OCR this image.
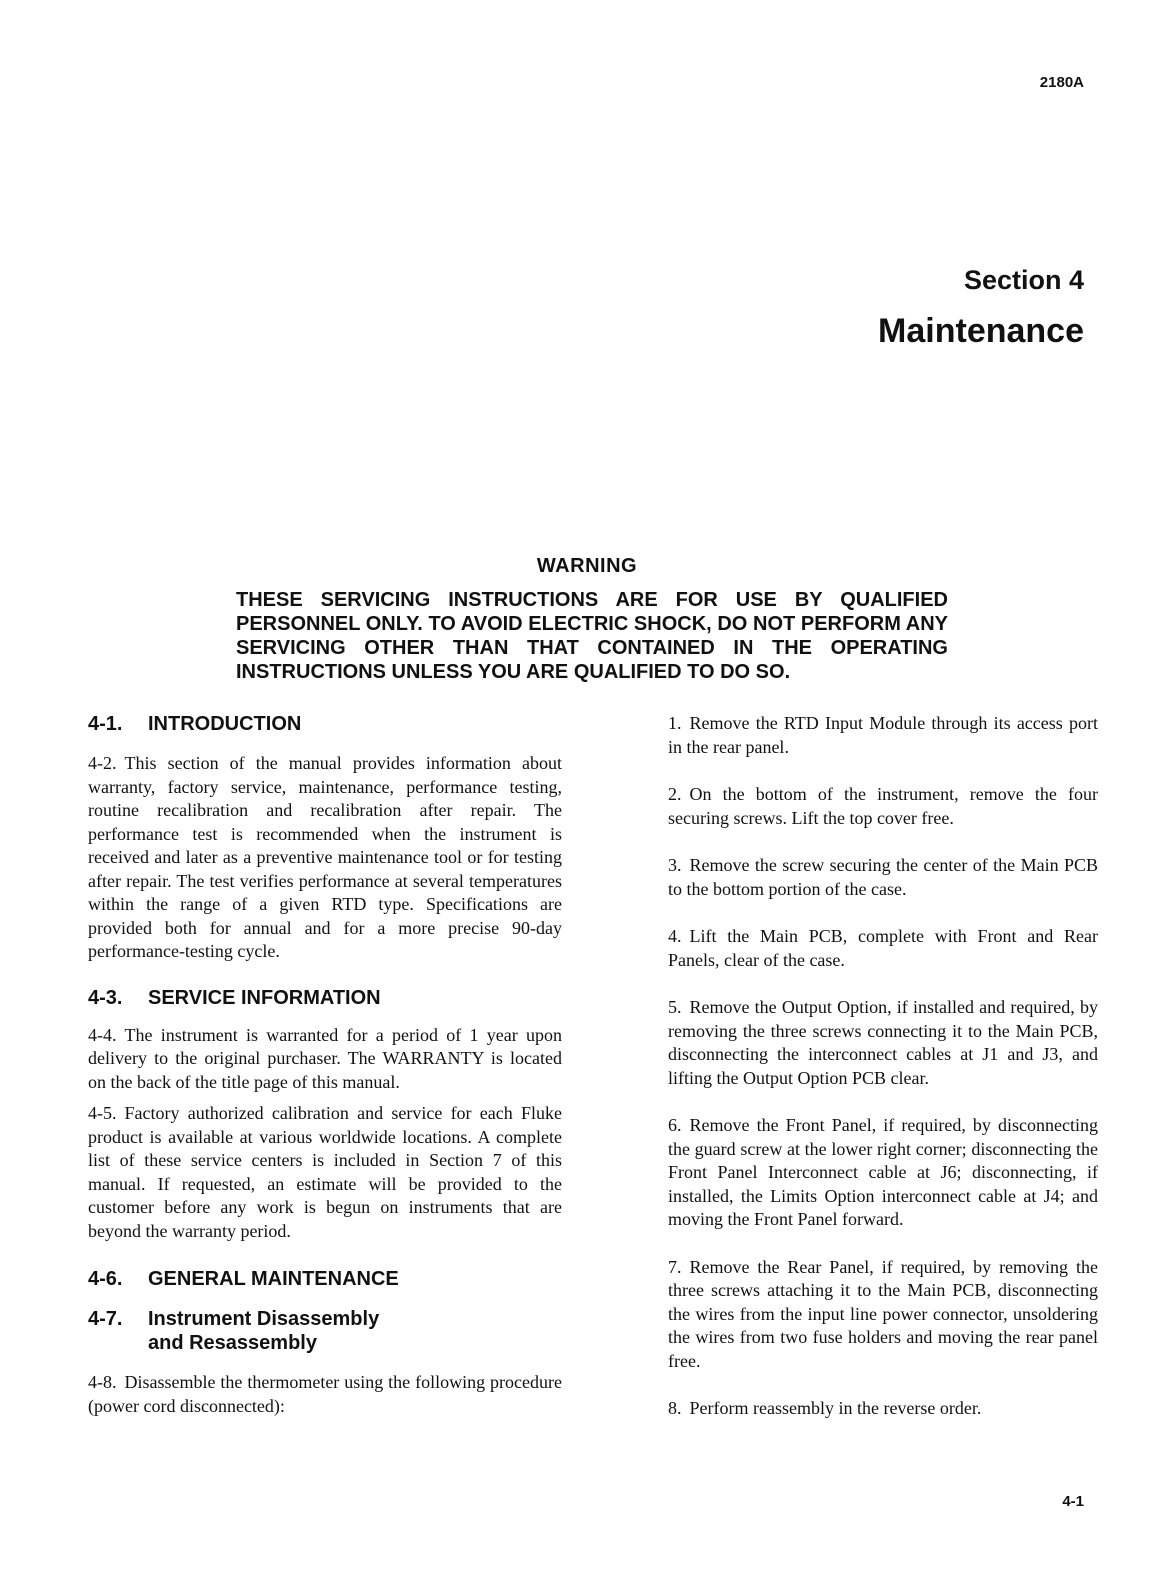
2180A
Section 4
Maintenance
WARNING
THESE SERVICING INSTRUCTIONS ARE FOR USE BY QUALIFIED PERSONNEL ONLY. TO AVOID ELECTRIC SHOCK, DO NOT PERFORM ANY SERVICING OTHER THAN THAT CONTAINED IN THE OPERATING INSTRUCTIONS UNLESS YOU ARE QUALIFIED TO DO SO.
4-1. INTRODUCTION

4-2. This section of the manual provides information about warranty, factory service, maintenance, performance testing, routine recalibration and recalibration after repair. The performance test is recommended when the instrument is received and later as a preventive maintenance tool or for testing after repair. The test verifies performance at several temperatures within the range of a given RTD type. Specifications are provided both for annual and for a more precise 90-day performance-testing cycle.

4-3. SERVICE INFORMATION

4-4. The instrument is warranted for a period of 1 year upon delivery to the original purchaser. The WARRANTY is located on the back of the title page of this manual.

4-5. Factory authorized calibration and service for each Fluke product is available at various worldwide locations. A complete list of these service centers is included in Section 7 of this manual. If requested, an estimate will be provided to the customer before any work is begun on instruments that are beyond the warranty period.

4-6. GENERAL MAINTENANCE
4-7.	Instrument Disassembly and Resassembly

4-8. Disassemble the thermometer using the following procedure (power cord disconnected):

1. Remove the RTD Input Module through its access port in the rear panel.

2. On the bottom of the instrument, remove the four securing screws. Lift the top cover free.

3. Remove the screw securing the center of the Main PCB to the bottom portion of the case.

4. Lift the Main PCB, complete with Front and Rear Panels, clear of the case.

5. Remove the Output Option, if installed and required, by removing the three screws connecting it to the Main PCB, disconnecting the interconnect cables at J1 and J3, and lifting the Output Option PCB clear.

6. Remove the Front Panel, if required, by disconnecting the guard screw at the lower right corner; disconnecting the Front Panel Interconnect cable at J6; disconnecting, if installed, the Limits Option interconnect cable at J4; and moving the Front Panel forward.

7. Remove the Rear Panel, if required, by removing the three screws attaching it to the Main PCB, disconnecting the wires from the input line power connector, unsoldering the wires from two fuse holders and moving the rear panel free.

8. Perform reassembly in the reverse order.

4-1
